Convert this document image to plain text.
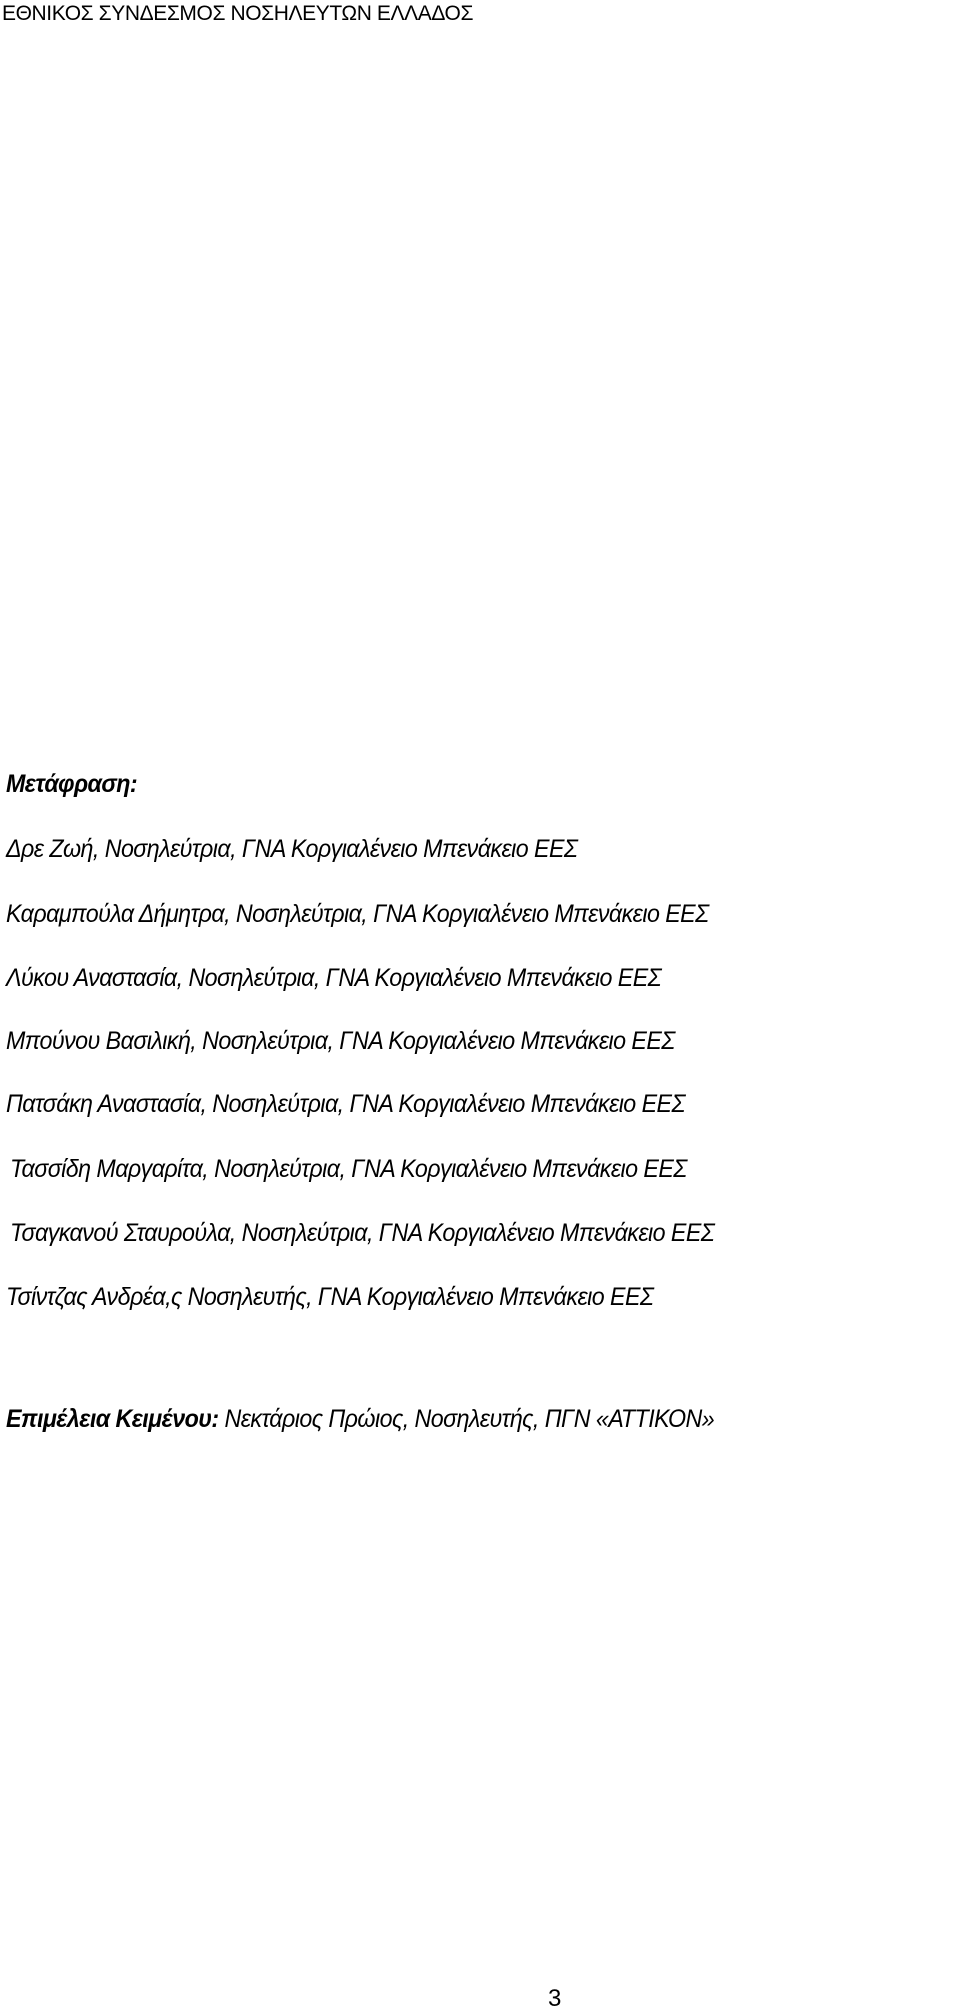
ΕΘΝΙΚΟΣ ΣΥΝΔΕΣΜΟΣ ΝΟΣΗΛΕΥΤΩΝ ΕΛΛΑΔΟΣ
Μετάφραση:
Δρε Ζωή, Νοσηλεύτρια, ΓΝΑ Κοργιαλένειο Μπενάκειο ΕΕΣ
Καραμπούλα Δήμητρα, Νοσηλεύτρια, ΓΝΑ Κοργιαλένειο Μπενάκειο ΕΕΣ
Λύκου Αναστασία, Νοσηλεύτρια, ΓΝΑ Κοργιαλένειο Μπενάκειο ΕΕΣ
Μπούνου Βασιλική, Νοσηλεύτρια, ΓΝΑ Κοργιαλένειο Μπενάκειο ΕΕΣ
Πατσάκη Αναστασία, Νοσηλεύτρια, ΓΝΑ Κοργιαλένειο Μπενάκειο ΕΕΣ
Τασσίδη Μαργαρίτα, Νοσηλεύτρια, ΓΝΑ Κοργιαλένειο Μπενάκειο ΕΕΣ
Τσαγκανού Σταυρούλα, Νοσηλεύτρια, ΓΝΑ Κοργιαλένειο Μπενάκειο ΕΕΣ
Τσίντζας Ανδρέα,ς Νοσηλευτής, ΓΝΑ Κοργιαλένειο Μπενάκειο ΕΕΣ
Επιμέλεια Κειμένου: Νεκτάριος Πρώιος, Νοσηλευτής, ΠΓΝ «ΑΤΤΙΚΟΝ»
3
